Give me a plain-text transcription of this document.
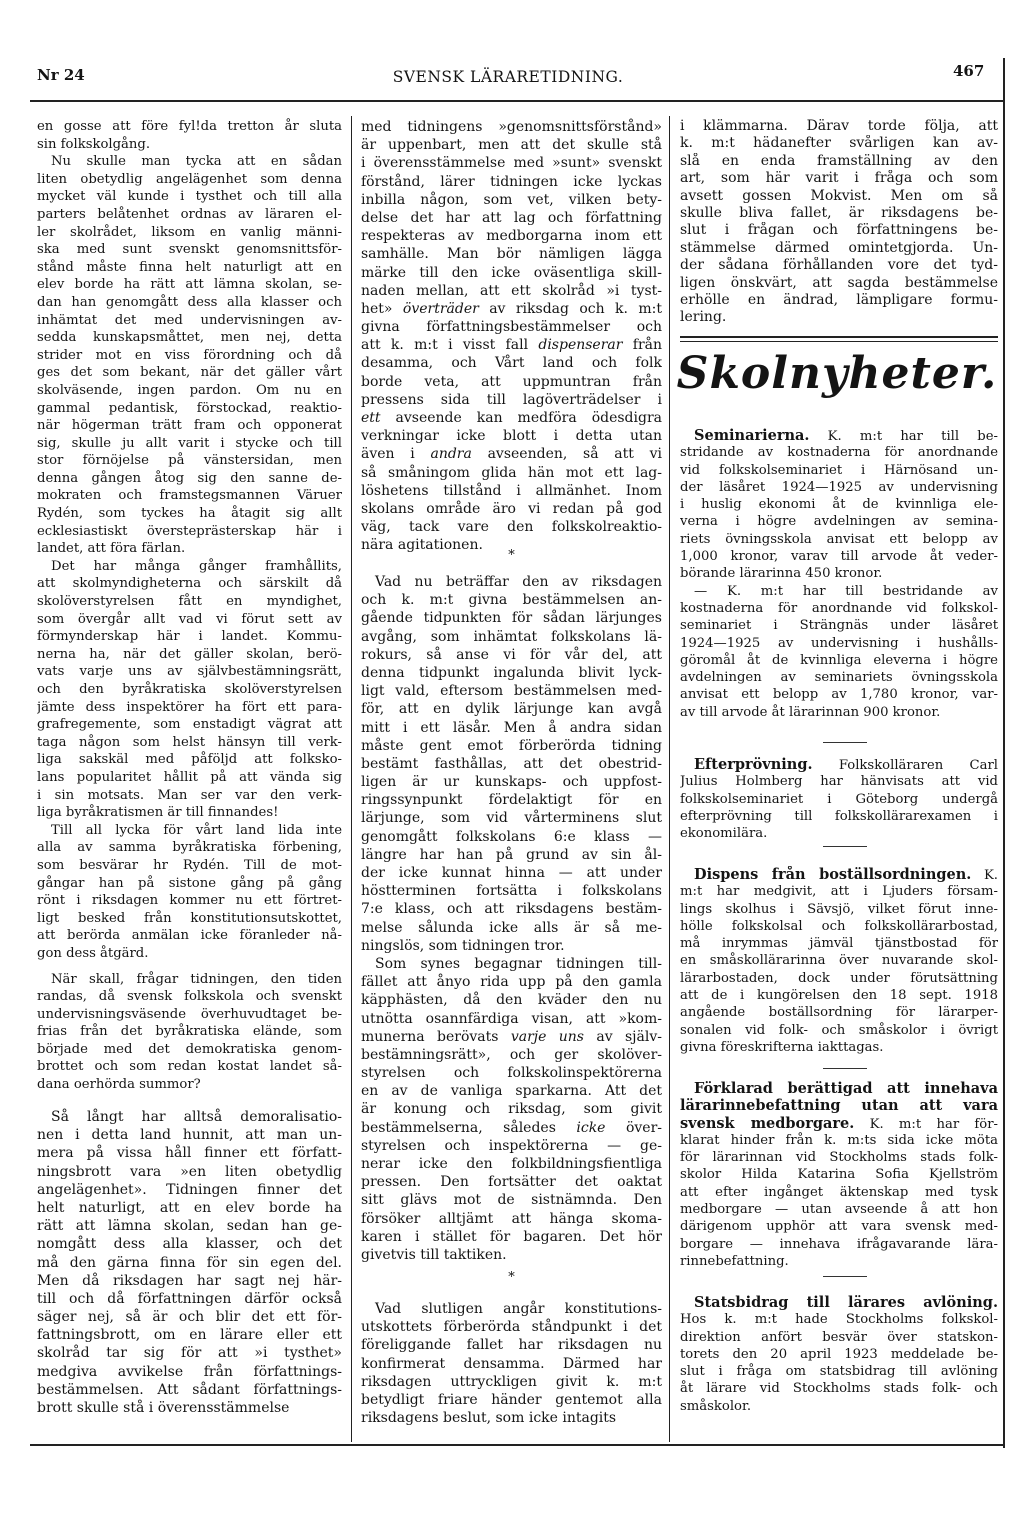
Nr 24	SVENSK LÄRARETIDNING.	467
en gosse att före fyl!da tretton år sluta
sin folkskolgång.
Nu skulle man tycka att en sådan
liten obetydlig angelägenhet som denna
mycket väl kunde i tysthet och till alla
parters belåtenhet ordnas av läraren el-
ler skolrådet, liksom en vanlig männi-
ska med sunt svenskt genomsnittsför-
stånd måste finna helt naturligt att en
elev borde ha rätt att lämna skolan, se-
dan han genomgått dess alla klasser och
inhämtat det med undervisningen av-
sedda kunskapsmåttet, men nej, detta
strider mot en viss förordning och då
ges det som bekant, när det gäller vårt
skolväsende, ingen pardon. Om nu en
gammal pedantisk, förstockad, reaktio-
när högerman trätt fram och opponerat
sig, skulle ju allt varit i stycke och till
stor förnöjelse på vänstersidan, men
denna gången åtog sig den sanne de-
mokraten och framstegsmannen Väruer
Rydén, som tyckes ha åtagit sig allt
ecklesiastiskt översteprästerskap här i
landet, att föra färlan.
Det har många gånger framhållits,
att skolmyndigheterna och särskilt då
skolöverstyrelsen fått en myndighet,
som övergår allt vad vi förut sett av
förmynderskap här i landet. Kommu-
nerna ha, när det gäller skolan, berö-
vats varje uns av självbestämningsrätt,
och den byråkratiska skolöverstyrelsen
jämte dess inspektörer ha fört ett para-
grafregemente, som enstadigt vägrat att
taga någon som helst hänsyn till verk-
liga sakskäl med påföljd att folksko-
lans popularitet hållit på att vända sig
i sin motsats. Man ser var den verk-
liga byråkratismen är till finnandes!
Till all lycka för vårt land lida inte
alla av samma byråkratiska förbening,
som besvärar hr Rydén. Till de mot-
gångar han på sistone gång på gång
rönt i riksdagen kommer nu ett förtret-
ligt besked från konstitutionsutskottet,
att berörda anmälan icke föranleder nå-
gon dess åtgärd.
När skall, frågar tidningen, den tiden
randas, då svensk folkskola och svenskt
undervisningsväsende överhuvudtaget be-
frias från det byråkratiska elände, som
började med det demokratiska genom-
brottet och som redan kostat landet så-
dana oerhörda summor?
Så långt har alltså demoralisatio-
nen i detta land hunnit, att man un-
mera på vissa håll finner ett författ-
ningsbrott vara »en liten obetydlig
angelägenhet». Tidningen finner det
helt naturligt, att en elev borde ha
rätt att lämna skolan, sedan han ge-
nomgått dess alla klasser, och det
må den gärna finna för sin egen del.
Men då riksdagen har sagt nej här-
till och då författningen därför också
säger nej, så är och blir det ett för-
fattningsbrott, om en lärare eller ett
skolråd tar sig för att »i tysthet»
medgiva avvikelse från författnings-
bestämmelsen. Att sådant författnings-
brott skulle stå i överensstämmelse
med tidningens »genomsnittsförstånd»
är uppenbart, men att det skulle stå
i överensstämmelse med »sunt» svenskt
förstånd, lärer tidningen icke lyckas
inbilla någon, som vet, vilken bety-
delse det har att lag och författning
respekteras av medborgarna inom ett
samhälle. Man bör nämligen lägga
märke till den icke oväsentliga skill-
naden mellan, att ett skolråd »i tyst-
het» överträder av riksdag och k. m:t
givna författningsbestämmelser och
att k. m:t i visst fall dispenserar från
desamma, och Vårt land och folk
borde veta, att uppmuntran från
pressens sida till lagöverträdelser i
ett avseende kan medföra ödesdigra
verkningar icke blott i detta utan
även i andra avseenden, så att vi
så småningom glida hän mot ett lag-
löshetens tillstånd i allmänhet. Inom
skolans område äro vi redan på god
väg, tack vare den folkskolreaktio-
nära agitationen.
*
Vad nu beträffar den av riksdagen
och k. m:t givna bestämmelsen an-
gående tidpunkten för sådan lärjunges
avgång, som inhämtat folkskolans lä-
rokurs, så anse vi för vår del, att
denna tidpunkt ingalunda blivit lyck-
ligt vald, eftersom bestämmelsen med-
för, att en dylik lärjunge kan avgå
mitt i ett läsår. Men å andra sidan
måste gent emot förberörda tidning
bestämt fasthållas, att det obestrid-
ligen är ur kunskaps- och uppfost-
ringssynpunkt fördelaktigt för en
lärjunge, som vid vårterminens slut
genomgått folkskolans 6:e klass —
längre har han på grund av sin ål-
der icke kunnat hinna — att under
höstterminen fortsätta i folkskolans
7:e klass, och att riksdagens bestäm-
melse sålunda icke alls är så me-
ningslös, som tidningen tror.
Som synes begagnar tidningen till-
fället att ånyo rida upp på den gamla
käpphästen, då den kväder den nu
utnötta osannfärdiga visan, att »kom-
munerna berövats varje uns av själv-
bestämningsrätt», och ger skolöver-
styrelsen och folkskolinspektörerna
en av de vanliga sparkarna. Att det
är konung och riksdag, som givit
bestämmelserna, således icke över-
styrelsen och inspektörerna — ge-
nerar icke den folkbildningsfientliga
pressen. Den fortsätter det oaktat
sitt glävs mot de sistnämnda. Den
försöker alltjämt att hänga skoma-
karen i stället för bagaren. Det hör
givetvis till taktiken.
*
Vad slutligen angår konstitutions-
utskottets förberörda ståndpunkt i det
föreliggande fallet har riksdagen nu
konfirmerat densamma. Därmed har
riksdagen uttryckligen givit k. m:t
betydligt friare händer gentemot alla
riksdagens beslut, som icke intagits
i klämmarna. Därav torde följa, att
k. m:t hädanefter svårligen kan av-
slå en enda framställning av den
art, som här varit i fråga och som
avsett gossen Mokvist. Men om så
skulle bliva fallet, är riksdagens be-
slut i frågan och författningens be-
stämmelse därmed omintetgjorda. Un-
der sådana förhållanden vore det tyd-
ligen önskvärt, att sagda bestämmelse
erhölle en ändrad, lämpligare formu-
lering.
Seminarierna. K. m:t har till be-
stridande av kostnaderna för anordnande
vid folkskolseminariet i Härnösand un-
der läsåret 1924—1925 av undervisning
i huslig ekonomi åt de kvinnliga ele-
verna i högre avdelningen av semina-
riets övningsskola anvisat ett belopp av
1,000 kronor, varav till arvode åt veder-
börande lärarinna 450 kronor.
— K. m:t har till bestridande av
kostnaderna för anordnande vid folkskol-
seminariet i Strängnäs under läsåret
1924—1925 av undervisning i hushålls-
göromål åt de kvinnliga eleverna i högre
avdelningen av seminariets övningsskola
anvisat ett belopp av 1,780 kronor, var-
av till arvode åt lärarinnan 900 kronor.
Efterprövning. Folkskolläraren Carl
Julius Holmberg har hänvisats att vid
folkskolseminariet i Göteborg undergå
efterprövning till folkskollärarexamen i
ekonomilära.
Dispens från boställsordningen. K.
m:t har medgivit, att i Ljuders försam-
lings skolhus i Sävsjö, vilket förut inne-
hölle folkskolsal och folkskollärarbostad,
må inrymmas jämväl tjänstbostad för
en småskollärarinna över nuvarande skol-
lärarbostaden, dock under förutsättning
att de i kungörelsen den 18 sept. 1918
angående boställsordning för lärarper-
sonalen vid folk- och småskolor i övrigt
givna föreskrifterna iakttagas.
Förklarad berättigad att innehava
lärarinnebefattning utan att vara
svensk medborgare. K. m:t har för-
klarat hinder från k. m:ts sida icke möta
för lärarinnan vid Stockholms stads folk-
skolor Hilda Katarina Sofia Kjellström
att efter ingånget äktenskap med tysk
medborgare — utan avseende å att hon
därigenom upphör att vara svensk med-
borgare — innehava ifrågavarande lära-
rinnebefattning.
Statsbidrag till lärares avlöning.
Hos k. m:t hade Stockholms folkskol-
direktion anfört besvär över statskon-
torets den 20 april 1923 meddelade be-
slut i fråga om statsbidrag till avlöning
åt lärare vid Stockholms stads folk- och
småskolor.
Skolnyheter.
